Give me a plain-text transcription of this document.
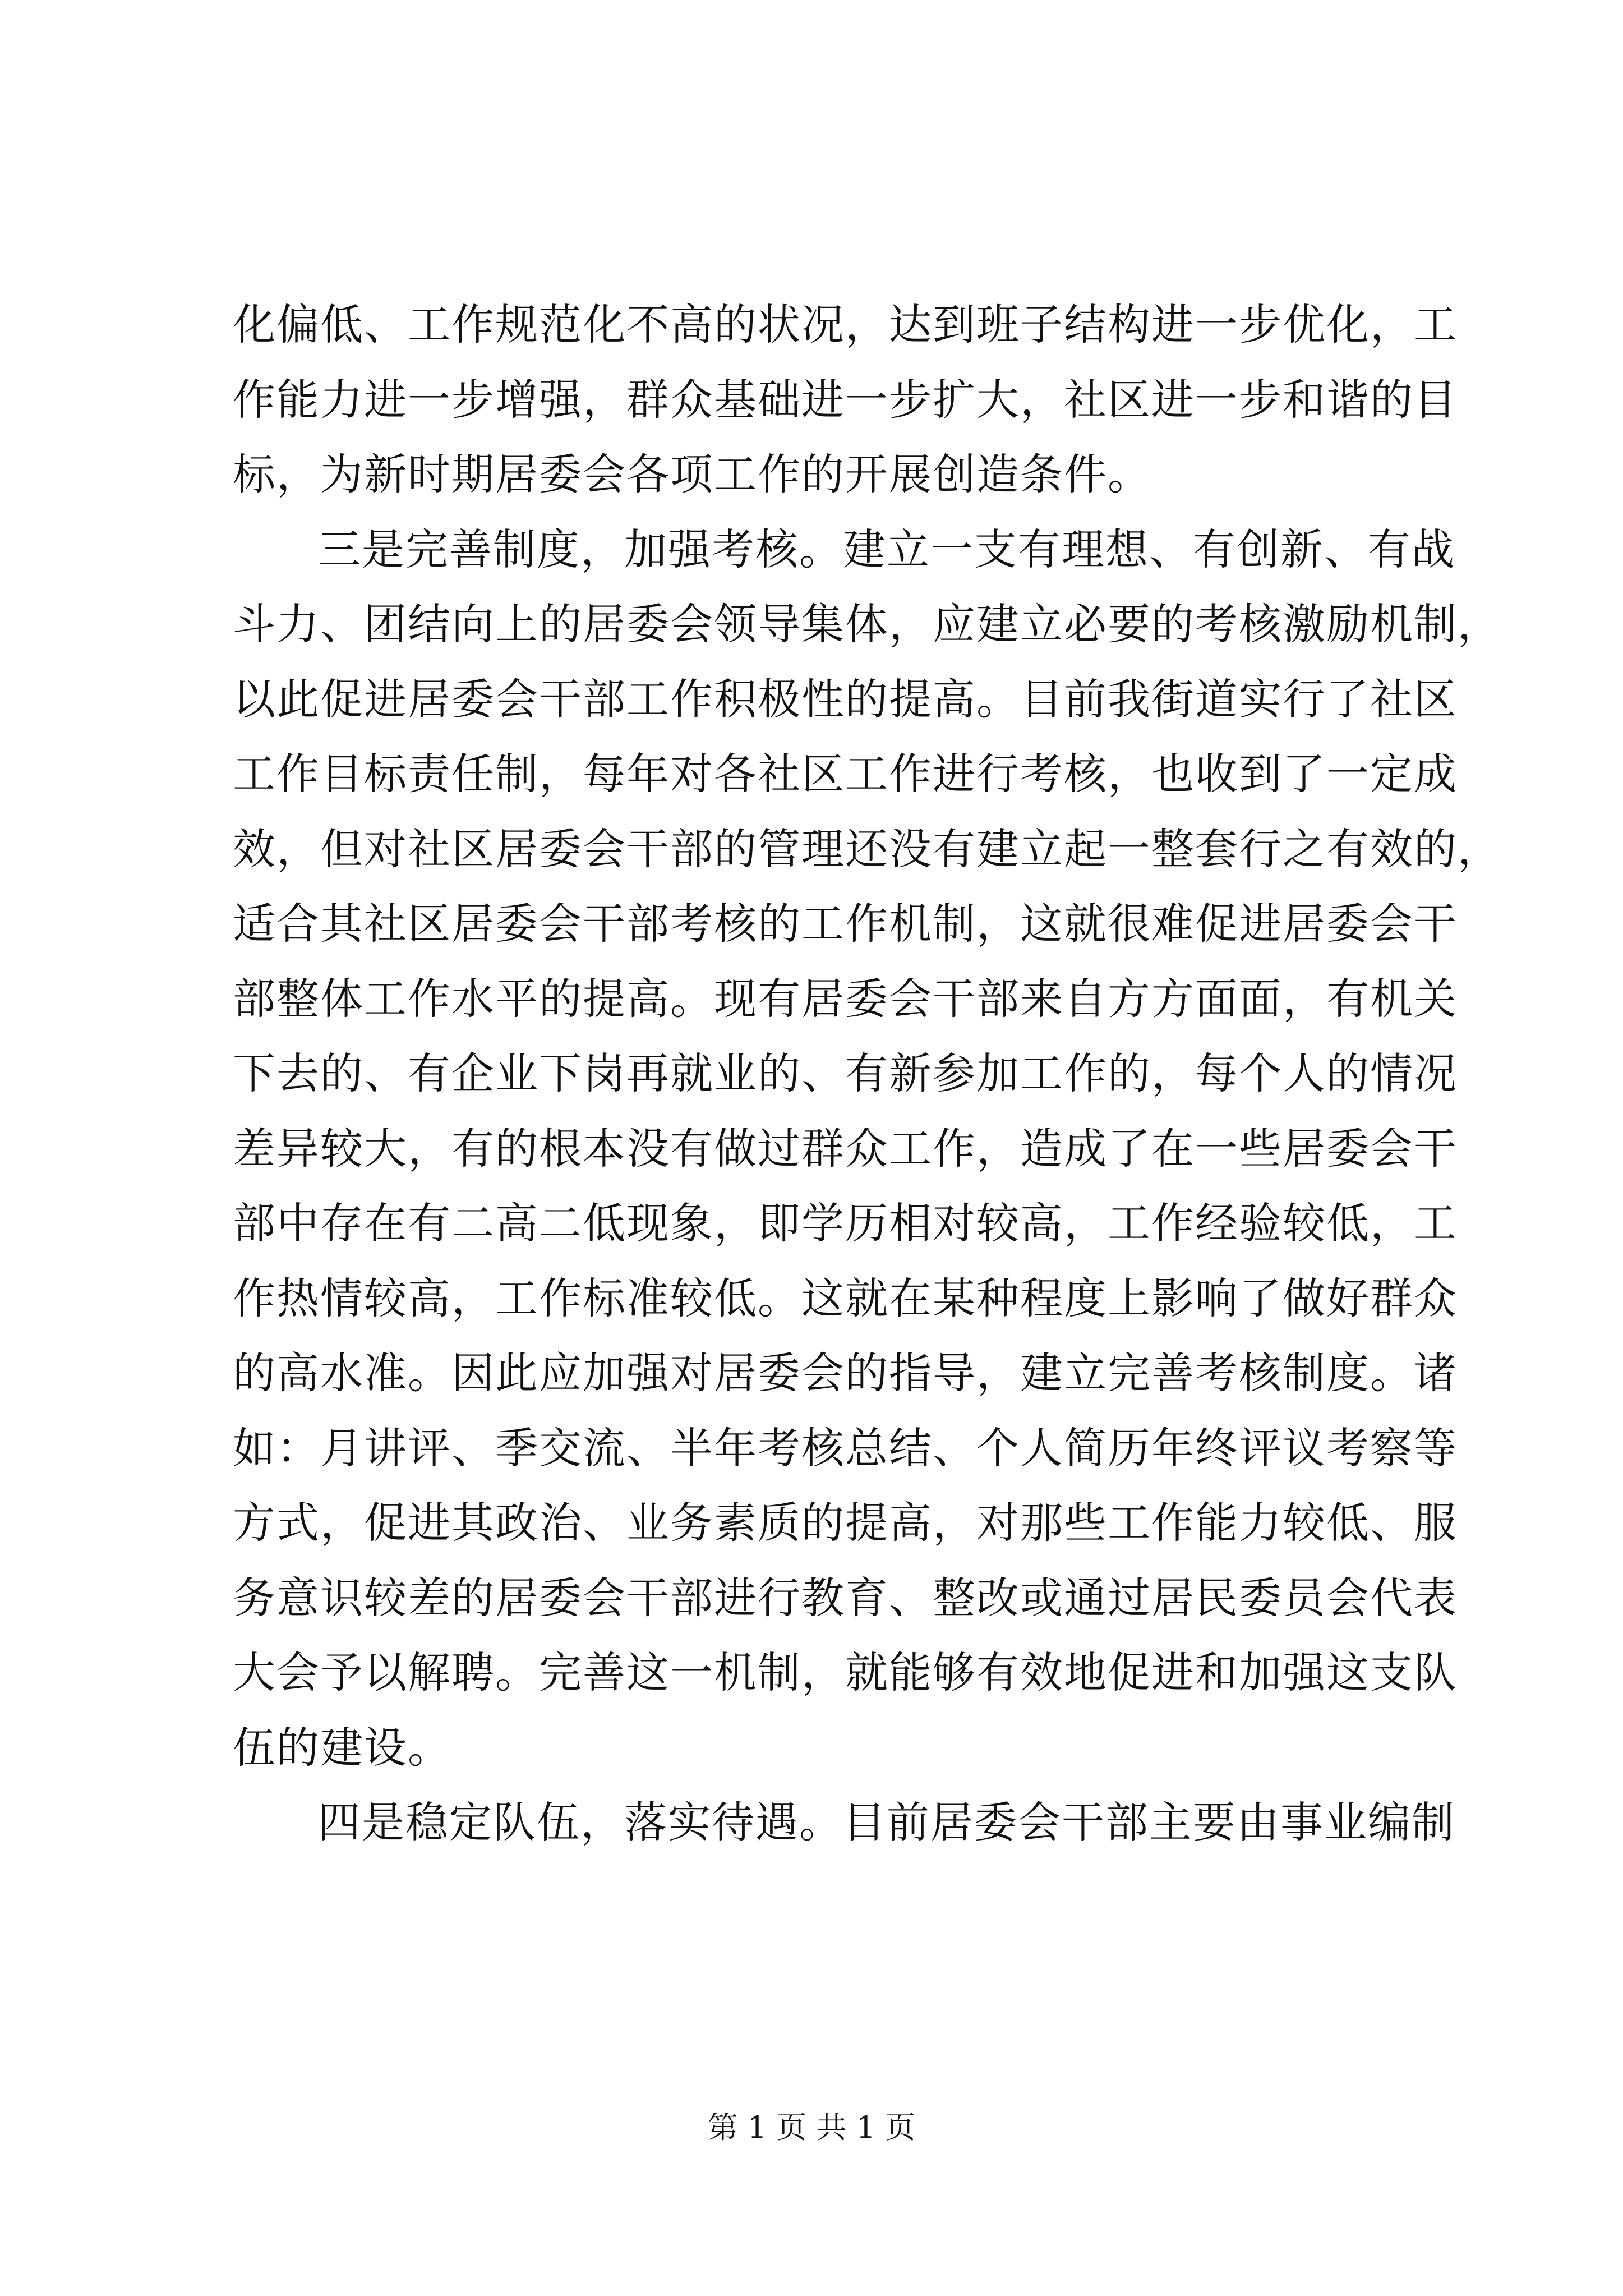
化偏低、工作规范化不高的状况，达到班子结构进一步优化，工
作能力进一步增强，群众基础进一步扩大，社区进一步和谐的目
标，为新时期居委会各项工作的开展创造条件。
三是完善制度，加强考核。建立一支有理想、有创新、有战
斗力、团结向上的居委会领导集体，应建立必要的考核激励机制，
以此促进居委会干部工作积极性的提高。目前我街道实行了社区
工作目标责任制，每年对各社区工作进行考核，也收到了一定成
效，但对社区居委会干部的管理还没有建立起一整套行之有效的，
适合其社区居委会干部考核的工作机制，这就很难促进居委会干
部整体工作水平的提高。现有居委会干部来自方方面面，有机关
下去的、有企业下岗再就业的、有新参加工作的，每个人的情况
差异较大，有的根本没有做过群众工作，造成了在一些居委会干
部中存在有二高二低现象，即学历相对较高，工作经验较低，工
作热情较高，工作标准较低。这就在某种程度上影响了做好群众
的高水准。因此应加强对居委会的指导，建立完善考核制度。诸
如：月讲评、季交流、半年考核总结、个人简历年终评议考察等
方式，促进其政治、业务素质的提高，对那些工作能力较低、服
务意识较差的居委会干部进行教育、整改或通过居民委员会代表
大会予以解聘。完善这一机制，就能够有效地促进和加强这支队
伍的建设。
四是稳定队伍，落实待遇。目前居委会干部主要由事业编制
第 1 页 共 1 页
